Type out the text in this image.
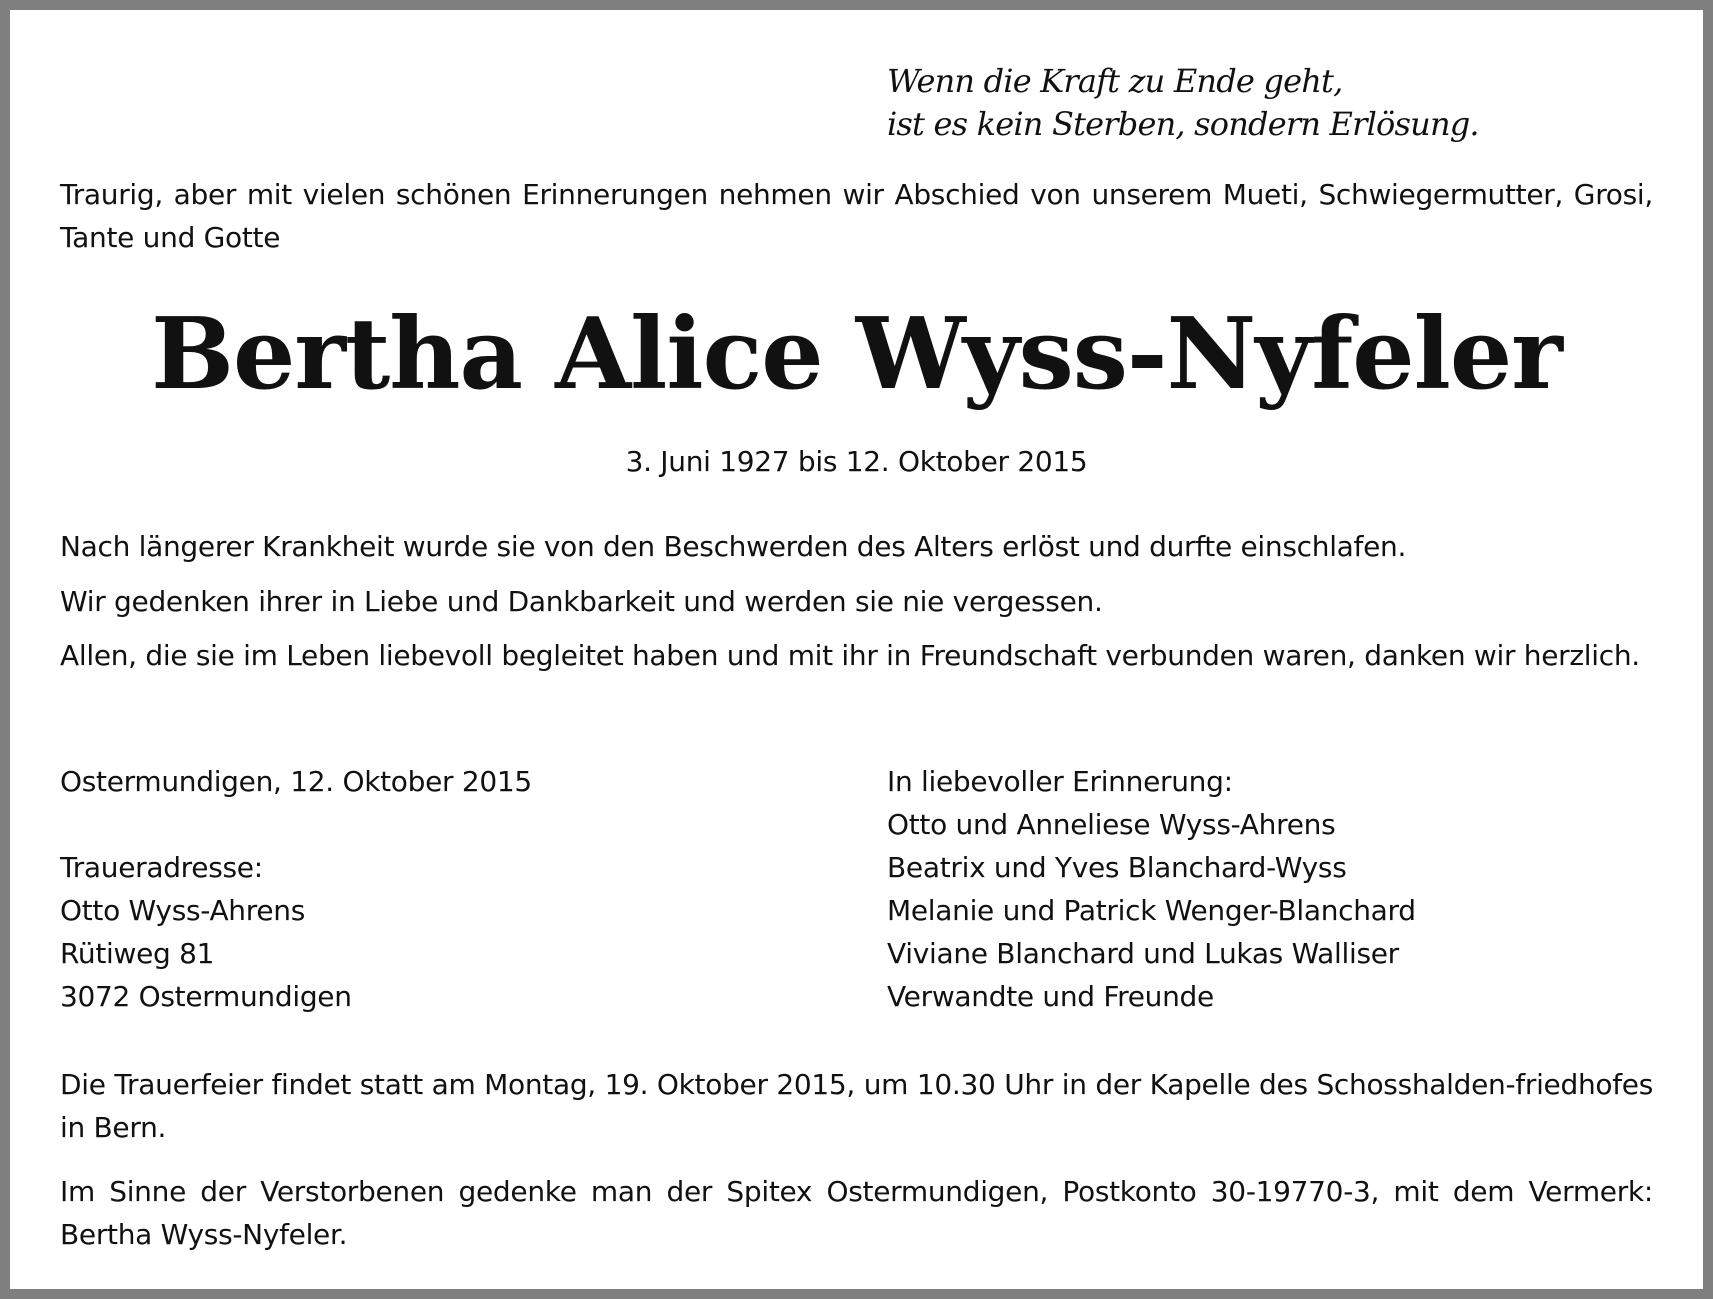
Wenn die Kraft zu Ende geht,
ist es kein Sterben, sondern Erlösung.

Traurig, aber mit vielen schönen Erinnerungen nehmen wir Abschied von unserem Mueti, Schwiegermutter, Grosi, Tante und Gotte

Bertha Alice Wyss-Nyfeler

3. Juni 1927 bis 12. Oktober 2015

Nach längerer Krankheit wurde sie von den Beschwerden des Alters erlöst und durfte einschlafen.

Wir gedenken ihrer in Liebe und Dankbarkeit und werden sie nie vergessen.

Allen, die sie im Leben liebevoll begleitet haben und mit ihr in Freundschaft verbunden waren, danken wir herzlich.

Ostermundigen, 12. Oktober 2015

Traueradresse:
Otto Wyss-Ahrens
Rütiweg 81
3072 Ostermundigen
In liebevoller Erinnerung:
Otto und Anneliese Wyss-Ahrens
Beatrix und Yves Blanchard-Wyss
Melanie und Patrick Wenger-Blanchard
Viviane Blanchard und Lukas Walliser
Verwandte und Freunde

Die Trauerfeier findet statt am Montag, 19. Oktober 2015, um 10.30 Uhr in der Kapelle des Schosshalden-friedhofes in Bern.

Im Sinne der Verstorbenen gedenke man der Spitex Ostermundigen, Postkonto 30-19770-3, mit dem Vermerk: Bertha Wyss-Nyfeler.
